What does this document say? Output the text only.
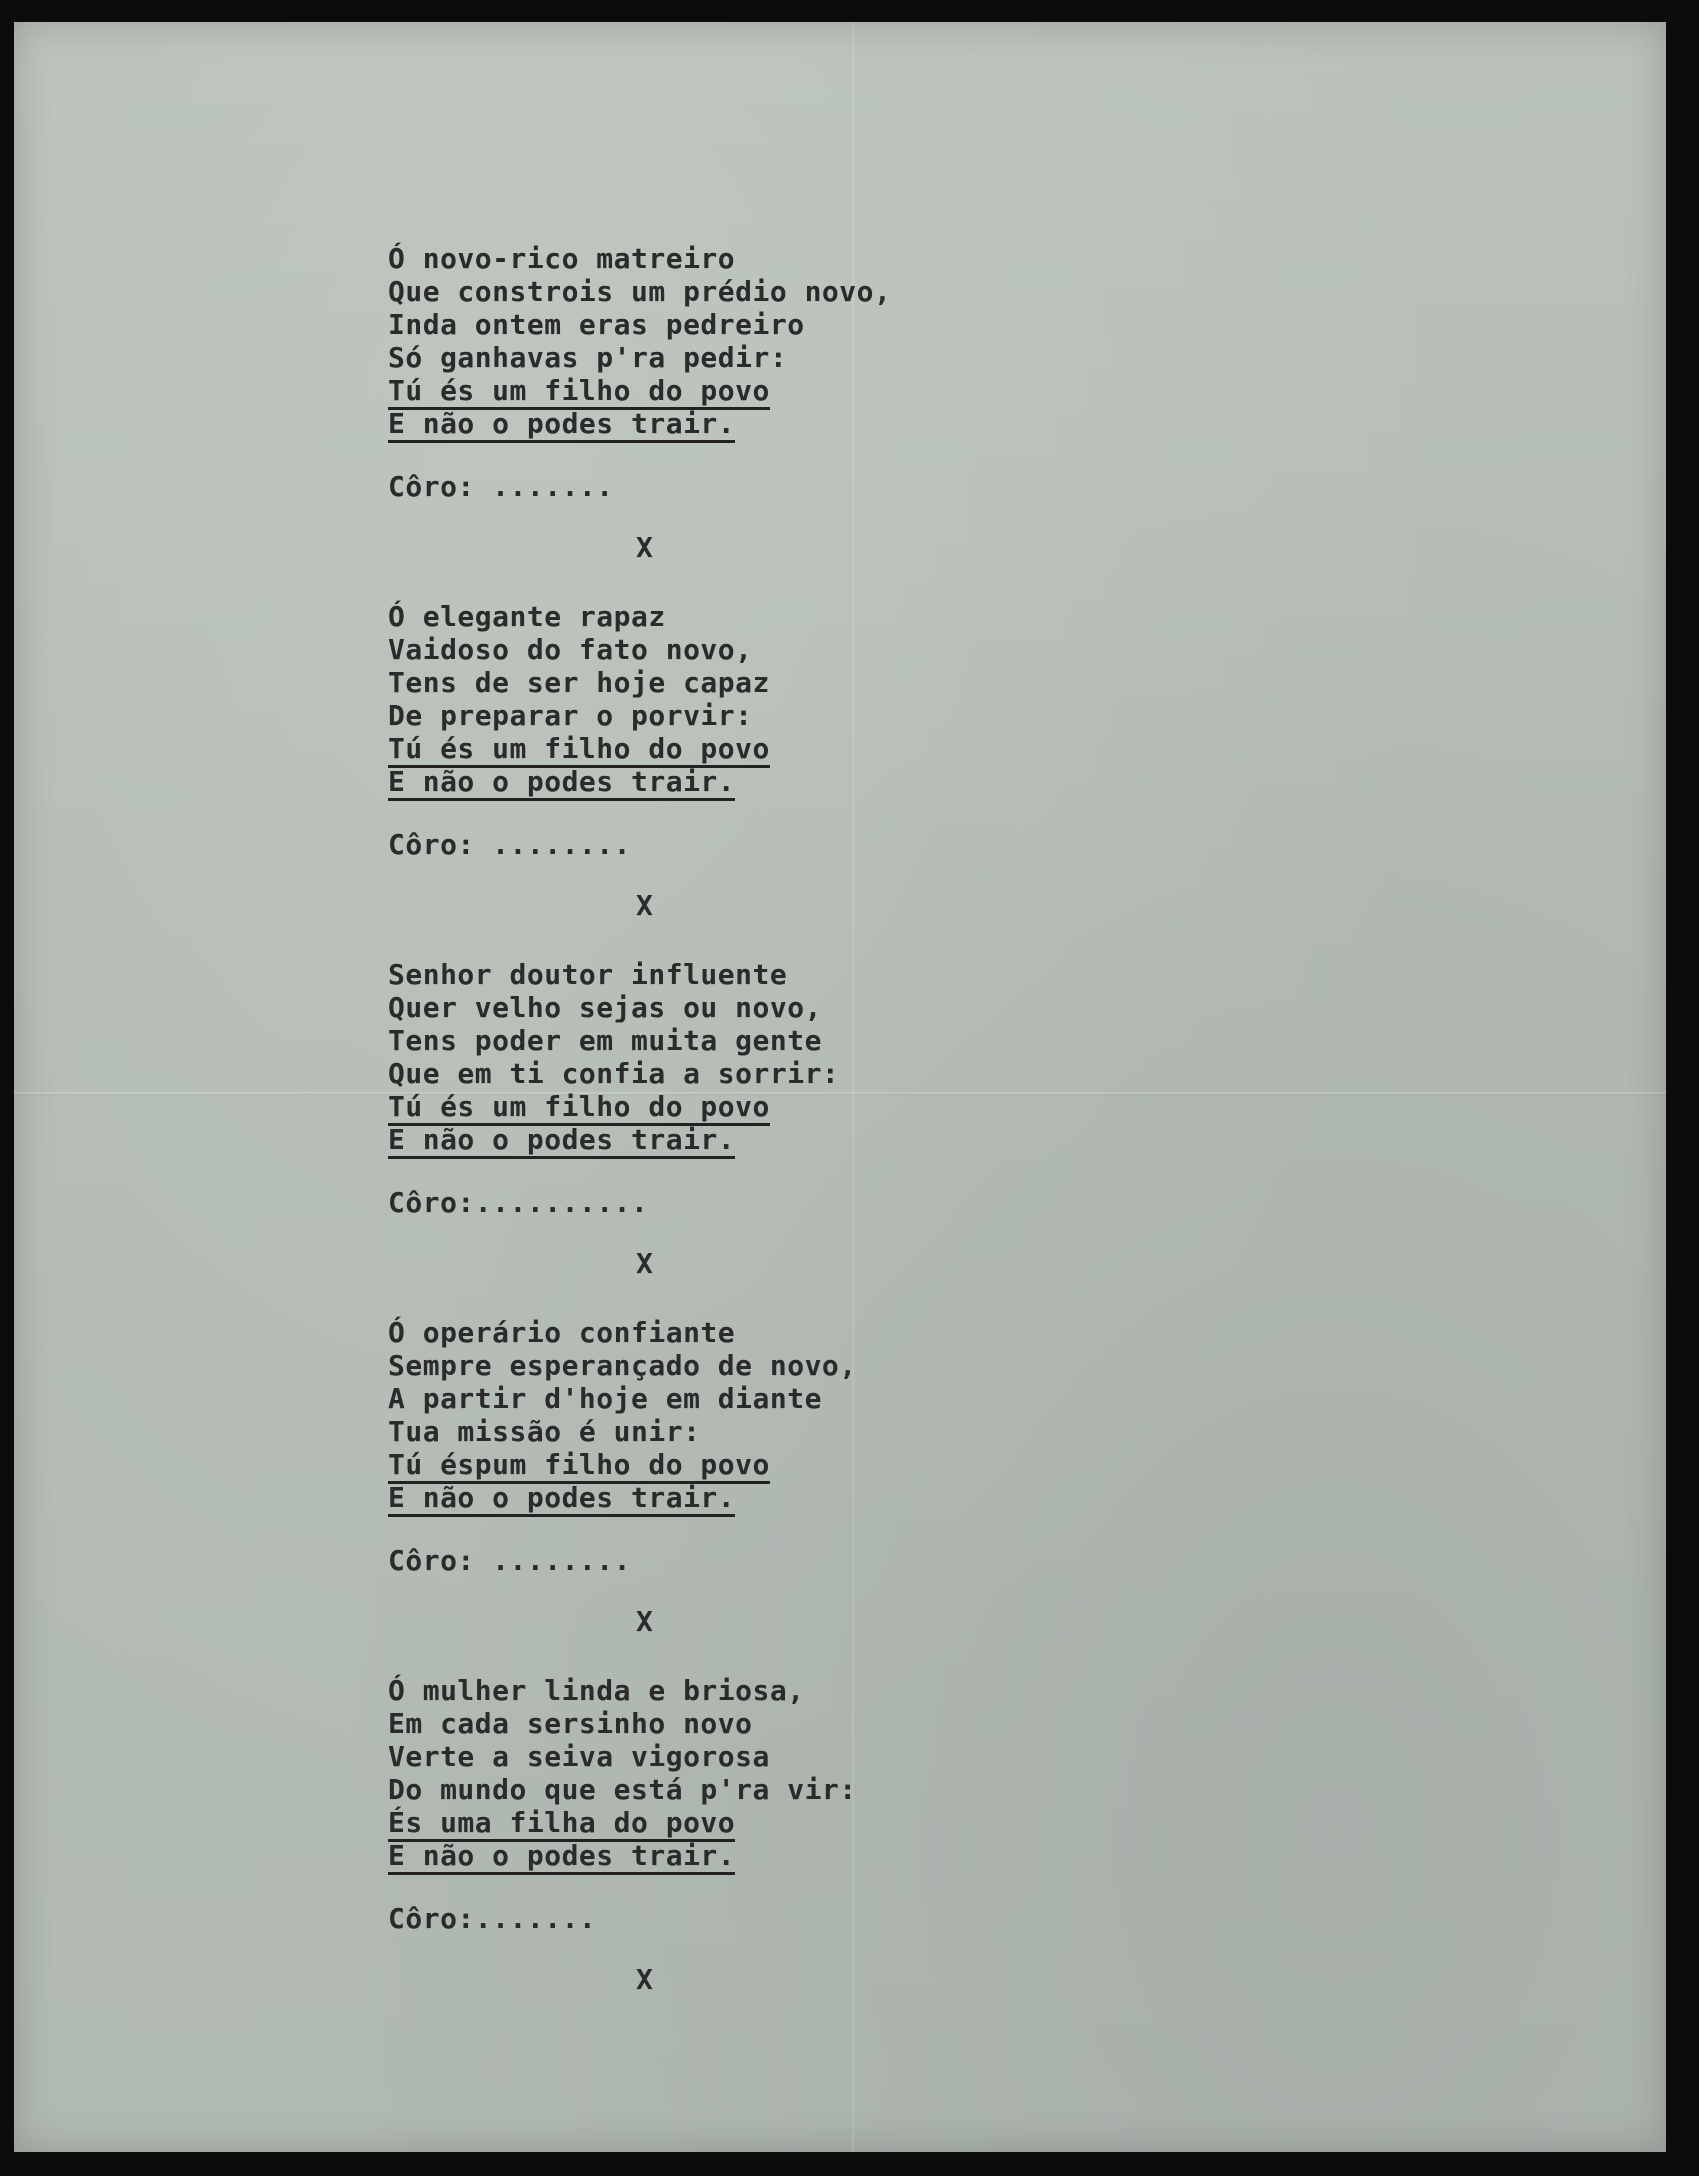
Ó novo-rico matreiro
Que constrois um prédio novo,
Inda ontem eras pedreiro
Só ganhavas p'ra pedir:
Tú és um filho do povo
E não o podes trair.
Côro: .......
X
Ó elegante rapaz
Vaidoso do fato novo,
Tens de ser hoje capaz
De preparar o porvir:
Tú és um filho do povo
E não o podes trair.
Côro: ........
X
Senhor doutor influente
Quer velho sejas ou novo,
Tens poder em muita gente
Que em ti confia a sorrir:
Tú és um filho do povo
E não o podes trair.
Côro:..........
X
Ó operário confiante
Sempre esperançado de novo,
A partir d'hoje em diante
Tua missão é unir:
Tú éspum filho do povo
E não o podes trair.
Côro: ........
X
Ó mulher linda e briosa,
Em cada sersinho novo
Verte a seiva vigorosa
Do mundo que está p'ra vir:
És uma filha do povo
E não o podes trair.
Côro:.......
X
